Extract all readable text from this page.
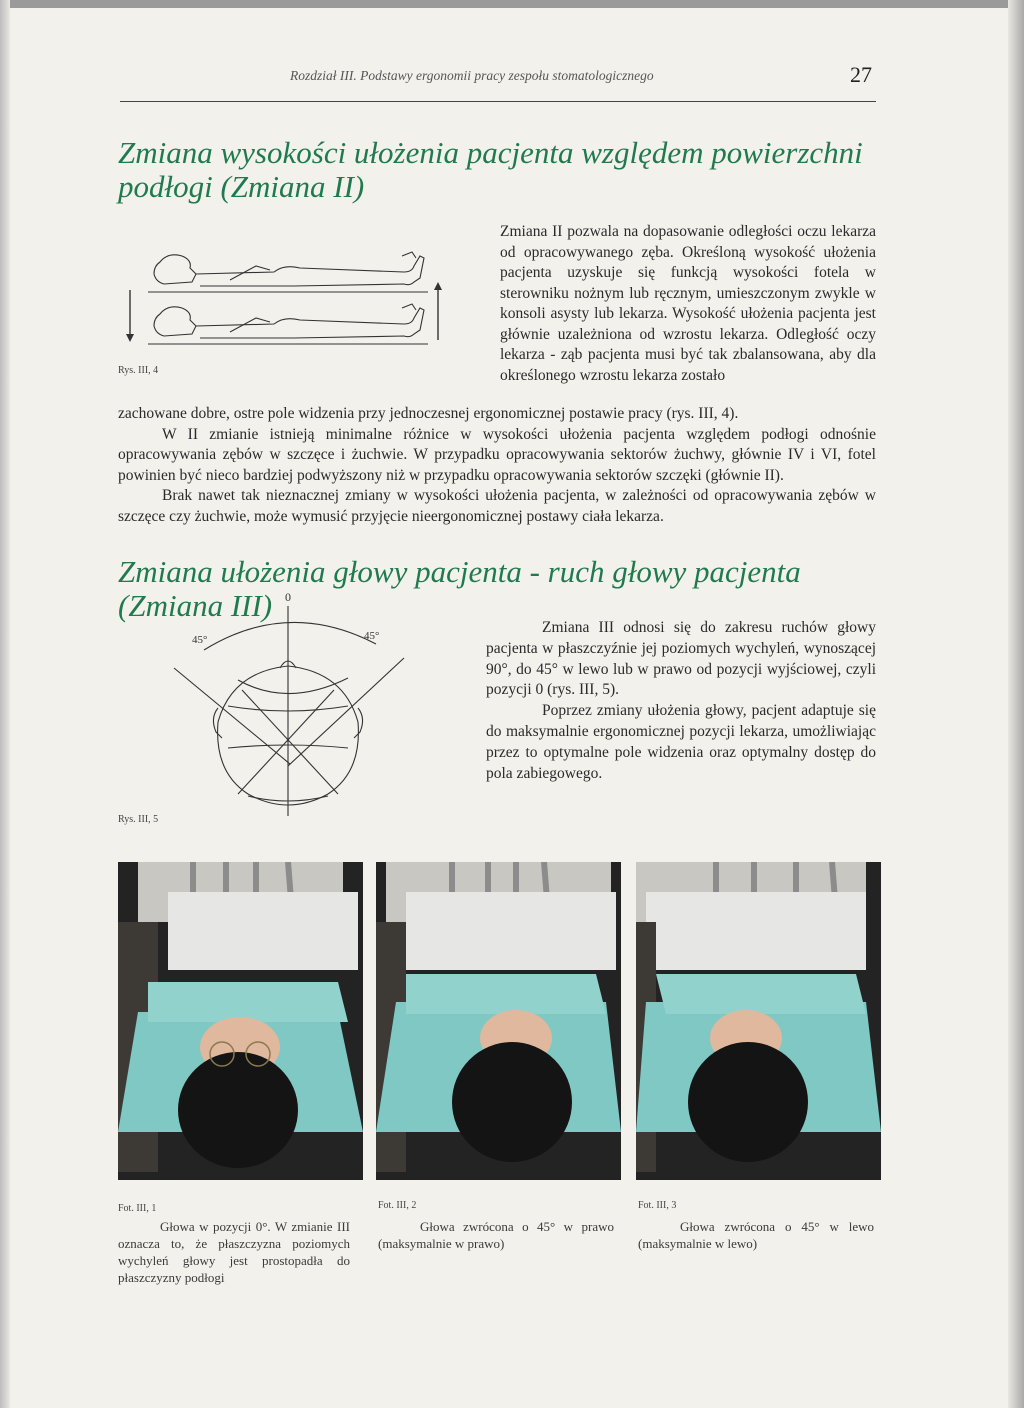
Rozdział III. Podstawy ergonomii pracy zespołu stomatologicznego	27
Zmiana wysokości ułożenia pacjenta względem powierzchni podłogi (Zmiana II)
Rys. III, 4

Zmiana II pozwala na dopasowanie odległości oczu lekarza od opracowywanego zęba. Określoną wysokość ułożenia pacjenta uzyskuje się funkcją wysokości fotela w sterowniku nożnym lub ręcznym, umieszczonym zwykle w konsoli asysty lub lekarza. Wysokość ułożenia pacjenta jest głównie uzależniona od wzrostu lekarza. Odległość oczy lekarza - ząb pacjenta musi być tak zbalansowana, aby dla określonego wzrostu lekarza zostało

zachowane dobre, ostre pole widzenia przy jednoczesnej ergonomicznej postawie pracy (rys. III, 4).

W II zmianie istnieją minimalne różnice w wysokości ułożenia pacjenta względem podłogi odnośnie opracowywania zębów w szczęce i żuchwie. W przypadku opracowywania sektorów żuchwy, głównie IV i VI, fotel powinien być nieco bardziej podwyższony niż w przypadku opracowywania sektorów szczęki (głównie II).

Brak nawet tak nieznacznej zmiany w wysokości ułożenia pacjenta, w zależności od opracowywania zębów w szczęce czy żuchwie, może wymusić przyjęcie nieergonomicznej postawy ciała lekarza.

Zmiana ułożenia głowy pacjenta - ruch głowy pacjenta (Zmiana III)	0
45°	45°
Rys. III, 5

Zmiana III odnosi się do zakresu ruchów głowy pacjenta w płaszczyźnie jej poziomych wychyleń, wynoszącej 90°, do 45° w lewo lub w prawo od pozycji wyjściowej, czyli pozycji 0 (rys. III, 5).

Poprzez zmiany ułożenia głowy, pacjent adaptuje się do maksymalnie ergonomicznej pozycji lekarza, umożliwiając przez to optymalne pole widzenia oraz optymalny dostęp do pola zabiegowego.

Fot. III, 1	Fot. III, 2	Fot. III, 3
Głowa w pozycji 0°. W zmianie III oznacza to, że płaszczyzna poziomych wychyleń głowy jest prostopadła do płaszczyzny podłogi
Głowa zwrócona o 45° w prawo (maksymalnie w prawo)
Głowa zwrócona o 45° w lewo (maksymalnie w lewo)
